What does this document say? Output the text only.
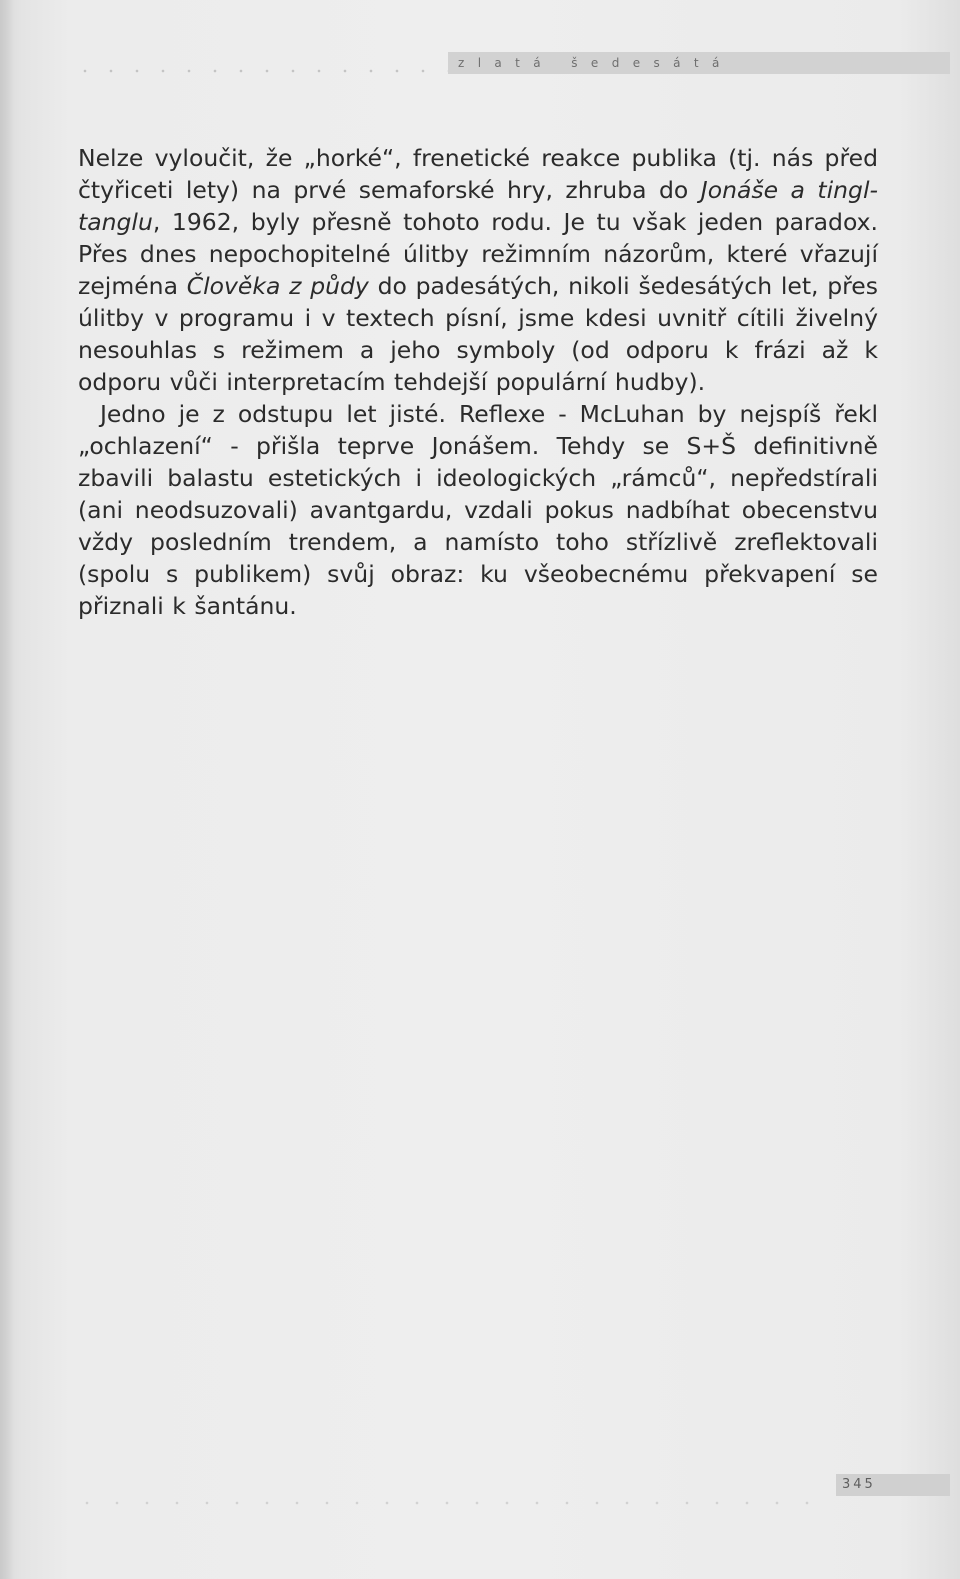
zlatá šedesátá

Nelze vyloučit, že „horké“, frenetické reakce publika (tj. nás před čtyřiceti lety) na prvé semaforské hry, zhruba do Jonáše a tingl-tanglu, 1962, byly přesně tohoto rodu. Je tu však jeden paradox. Přes dnes nepochopitelné úlitby režimním názorům, které vřazují zejména Člověka z půdy do padesátých, nikoli šedesátých let, přes úlitby v programu i v textech písní, jsme kdesi uvnitř cítili živelný nesouhlas s režimem a jeho symboly (od odporu k frázi až k odporu vůči interpretacím tehdejší populární hudby).

Jedno je z odstupu let jisté. Reflexe - McLuhan by nejspíš řekl „ochlazení“ - přišla teprve Jonášem. Tehdy se S+Š definitivně zbavili balastu estetických i ideologických „rámců“, nepředstírali (ani neodsuzovali) avantgardu, vzdali pokus nadbíhat obecenstvu vždy posledním trendem, a namísto toho střízlivě zreflektovali (spolu s publikem) svůj obraz: ku všeobecnému překvapení se přiznali k šantánu.

345
